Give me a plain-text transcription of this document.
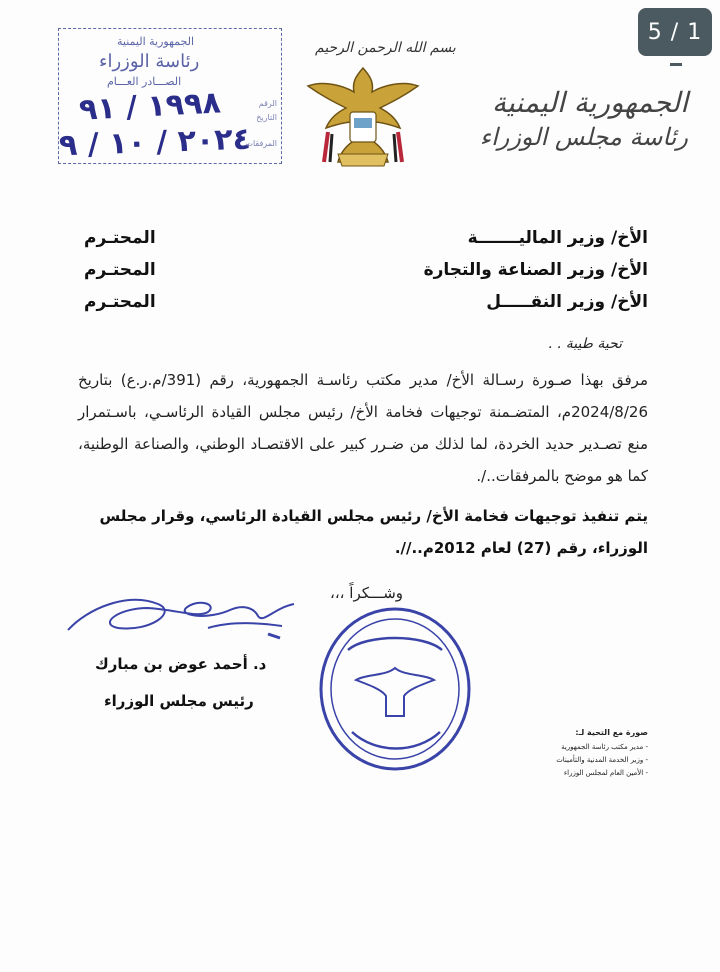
5 / 1
الجمهورية اليمنية
رئاسة الوزراء
الصـــادر العـــام
١٩٩٨ / ٩١
٢٠٢٤ / ١٠ / ٩
الرقم
التاريخ
المرفقات
بسم الله الرحمن الرحيم
الجمهورية اليمنية
رئاسة مجلس الوزراء
الأخ/ وزير الماليـــــــة
المحتـرم
الأخ/ وزير الصناعة والتجارة
المحتـرم
الأخ/ وزير النقـــــل
المحتـرم
تحية طيبة . .
مرفق بهذا صـورة رسـالة الأخ/ مدير مكتب رئاسـة الجمهورية، رقم (391/م.ر.ع) بتاريخ 2024/8/26م، المتضـمنة توجيهات فخامة الأخ/ رئيس مجلس القيادة الرئاسـي، باسـتمرار منع تصـدير حديد الخردة، لما لذلك من ضـرر كبير على الاقتصـاد الوطني، والصناعة الوطنية، كما هو موضح بالمرفقات../.
يتم تنفيذ توجيهات فخامة الأخ/ رئيس مجلس القيادة الرئاسي، وقرار مجلس الوزراء، رقم (27) لعام 2012م..//.
وشـــكراً ،،،
د. أحمد عوض بن مبارك
رئيس مجلس الوزراء
صورة مع التحية لـ:
- مدير مكتب رئاسة الجمهورية
- وزير الخدمة المدنية والتأمينات
- الأمين العام لمجلس الوزراء
